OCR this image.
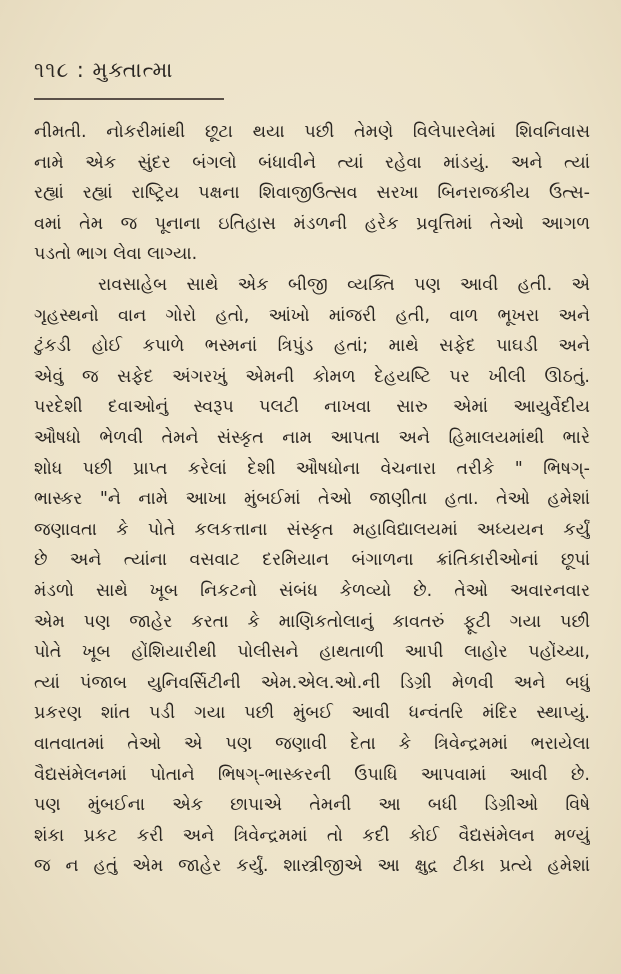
૧૧૮ : મુક્તાત્મા
નીમતી. નોકરીમાંથી છૂટા થયા પછી તેમણે વિલેપારલેમાં શિવનિવાસ
નામે એક સુંદર બંગલો બંધાવીને ત્યાં રહેવા માંડયું. અને ત્યાં
રહ્યાં રહ્યાં રાષ્ટ્રિય પક્ષના શિવાજીઉત્સવ સરખા બિનરાજકીય ઉત્સ-
વમાં તેમ જ પૂનાના ઇતિહાસ મંડળની હરેક પ્રવૃત્તિમાં તેઓ આગળ
પડતો ભાગ લેવા લાગ્યા.
રાવસાહેબ સાથે એક બીજી વ્યક્તિ પણ આવી હતી. એ
ગૃહસ્થનો વાન ગોરો હતો, આંખો માંજરી હતી, વાળ ભૂખરા અને
ટુંકડી હોઈ કપાળે ભસ્મનાં ત્રિપુંડ હતાં; માથે સફેદ પાઘડી અને
એવું જ સફેદ અંગરખું એમની કોમળ દેહયષ્ટિ પર ખીલી ઊઠતું.
પરદેશી દવાઓનું સ્વરૂપ પલટી નાખવા સારુ એમાં આયુર્વેદીય
ઔષધો ભેળવી તેમને સંસ્કૃત નામ આપતા અને હિમાલયમાંથી ભારે
શોધ પછી પ્રાપ્ત કરેલાં દેશી ઔષધોના વેચનારા તરીકે " ભિષગ્-
ભાસ્કર "ને નામે આખા મુંબઈમાં તેઓ જાણીતા હતા. તેઓ હમેશાં
જણાવતા કે પોતે કલકત્તાના સંસ્કૃત મહાવિદ્યાલયમાં અધ્યયન કર્યું
છે અને ત્યાંના વસવાટ દરમિયાન બંગાળના ક્રાંતિકારીઓનાં છૂપાં
મંડળો સાથે ખૂબ નિકટનો સંબંધ કેળવ્યો છે. તેઓ અવારનવાર
એમ પણ જાહેર કરતા કે માણિકતોલાનું કાવતરું ફૂટી ગયા પછી
પોતે ખૂબ હોંશિયારીથી પોલીસને હાથતાળી આપી લાહોર પહોંચ્યા,
ત્યાં પંજાબ યુનિવર્સિટીની એમ.એલ.ઓ.ની ડિગ્રી મેળવી અને બધું
પ્રકરણ શાંત પડી ગયા પછી મુંબઈ આવી ધન્વંતરિ મંદિર સ્થાપ્યું.
વાતવાતમાં તેઓ એ પણ જણાવી દેતા કે ત્રિવેન્દ્રમમાં ભરાયેલા
વૈદ્યસંમેલનમાં પોતાને ભિષગ્-ભાસ્કરની ઉપાધિ આપવામાં આવી છે.
પણ મુંબઈના એક છાપાએ તેમની આ બધી ડિગ્રીઓ વિષે
શંકા પ્રકટ કરી અને ત્રિવેન્દ્રમમાં તો કદી કોઈ વૈદ્યસંમેલન મળ્યું
જ ન હતું એમ જાહેર કર્યું. શાસ્ત્રીજીએ આ ક્ષુદ્ર ટીકા પ્રત્યે હમેશાં
